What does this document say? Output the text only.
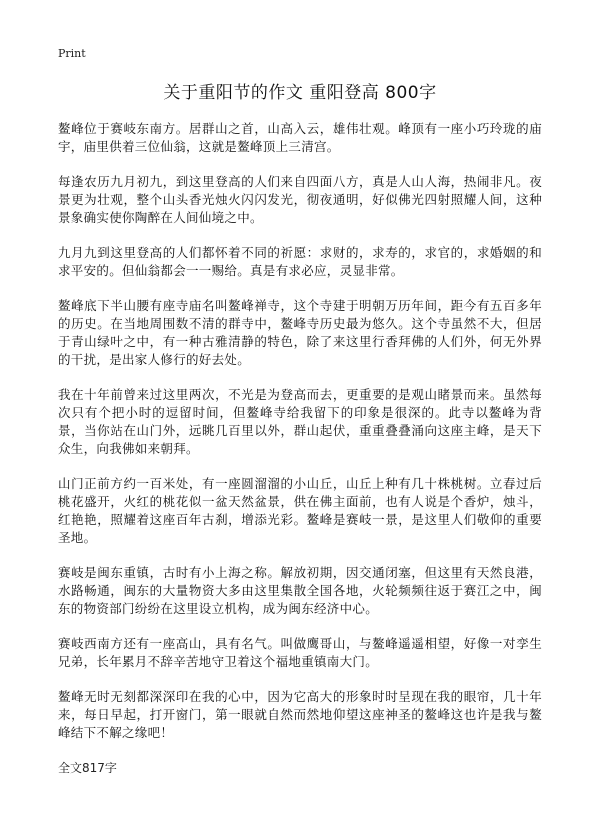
Print
关于重阳节的作文 重阳登高 800字

鳌峰位于赛岐东南方。居群山之首，山高入云，雄伟壮观。峰顶有一座小巧玲珑的庙宇，庙里供着三位仙翁，这就是鳌峰顶上三清宫。

每逢农历九月初九，到这里登高的人们来自四面八方，真是人山人海，热闹非凡。夜景更为壮观，整个山头香光烛火闪闪发光，彻夜通明，好似佛光四射照耀人间，这种景象确实使你陶醉在人间仙境之中。

九月九到这里登高的人们都怀着不同的祈愿：求财的，求寿的，求官的，求婚姻的和求平安的。但仙翁都会一一赐给。真是有求必应，灵显非常。

鳌峰底下半山腰有座寺庙名叫鳌峰禅寺，这个寺建于明朝万历年间，距今有五百多年的历史。在当地周围数不清的群寺中，鳌峰寺历史最为悠久。这个寺虽然不大，但居于青山绿叶之中，有一种古雅清静的特色，除了来这里行香拜佛的人们外，何无外界的干扰，是出家人修行的好去处。

我在十年前曾来过这里两次，不光是为登高而去，更重要的是观山睹景而来。虽然每次只有个把小时的逗留时间，但鳌峰寺给我留下的印象是很深的。此寺以鳌峰为背景，当你站在山门外，远眺几百里以外，群山起伏，重重叠叠涌向这座主峰，是天下众生，向我佛如来朝拜。

山门正前方约一百米处，有一座圆溜溜的小山丘，山丘上种有几十株桃树。立春过后桃花盛开，火红的桃花似一盆天然盆景，供在佛主面前，也有人说是个香炉，烛斗，红艳艳，照耀着这座百年古刹，增添光彩。鳌峰是赛岐一景，是这里人们敬仰的重要圣地。

赛岐是闽东重镇，古时有小上海之称。解放初期，因交通闭塞，但这里有天然良港，水路畅通，闽东的大量物资大多由这里集散全国各地，火轮频频往返于赛江之中，闽东的物资部门纷纷在这里设立机构，成为闽东经济中心。

赛岐西南方还有一座高山，具有名气。叫做鹰哥山，与鳌峰遥遥相望，好像一对孪生兄弟，长年累月不辞辛苦地守卫着这个福地重镇南大门。

鳌峰无时无刻都深深印在我的心中，因为它高大的形象时时呈现在我的眼帘，几十年来，每日早起，打开窗门，第一眼就自然而然地仰望这座神圣的鳌峰这也许是我与鳌峰结下不解之缘吧！

全文817字
